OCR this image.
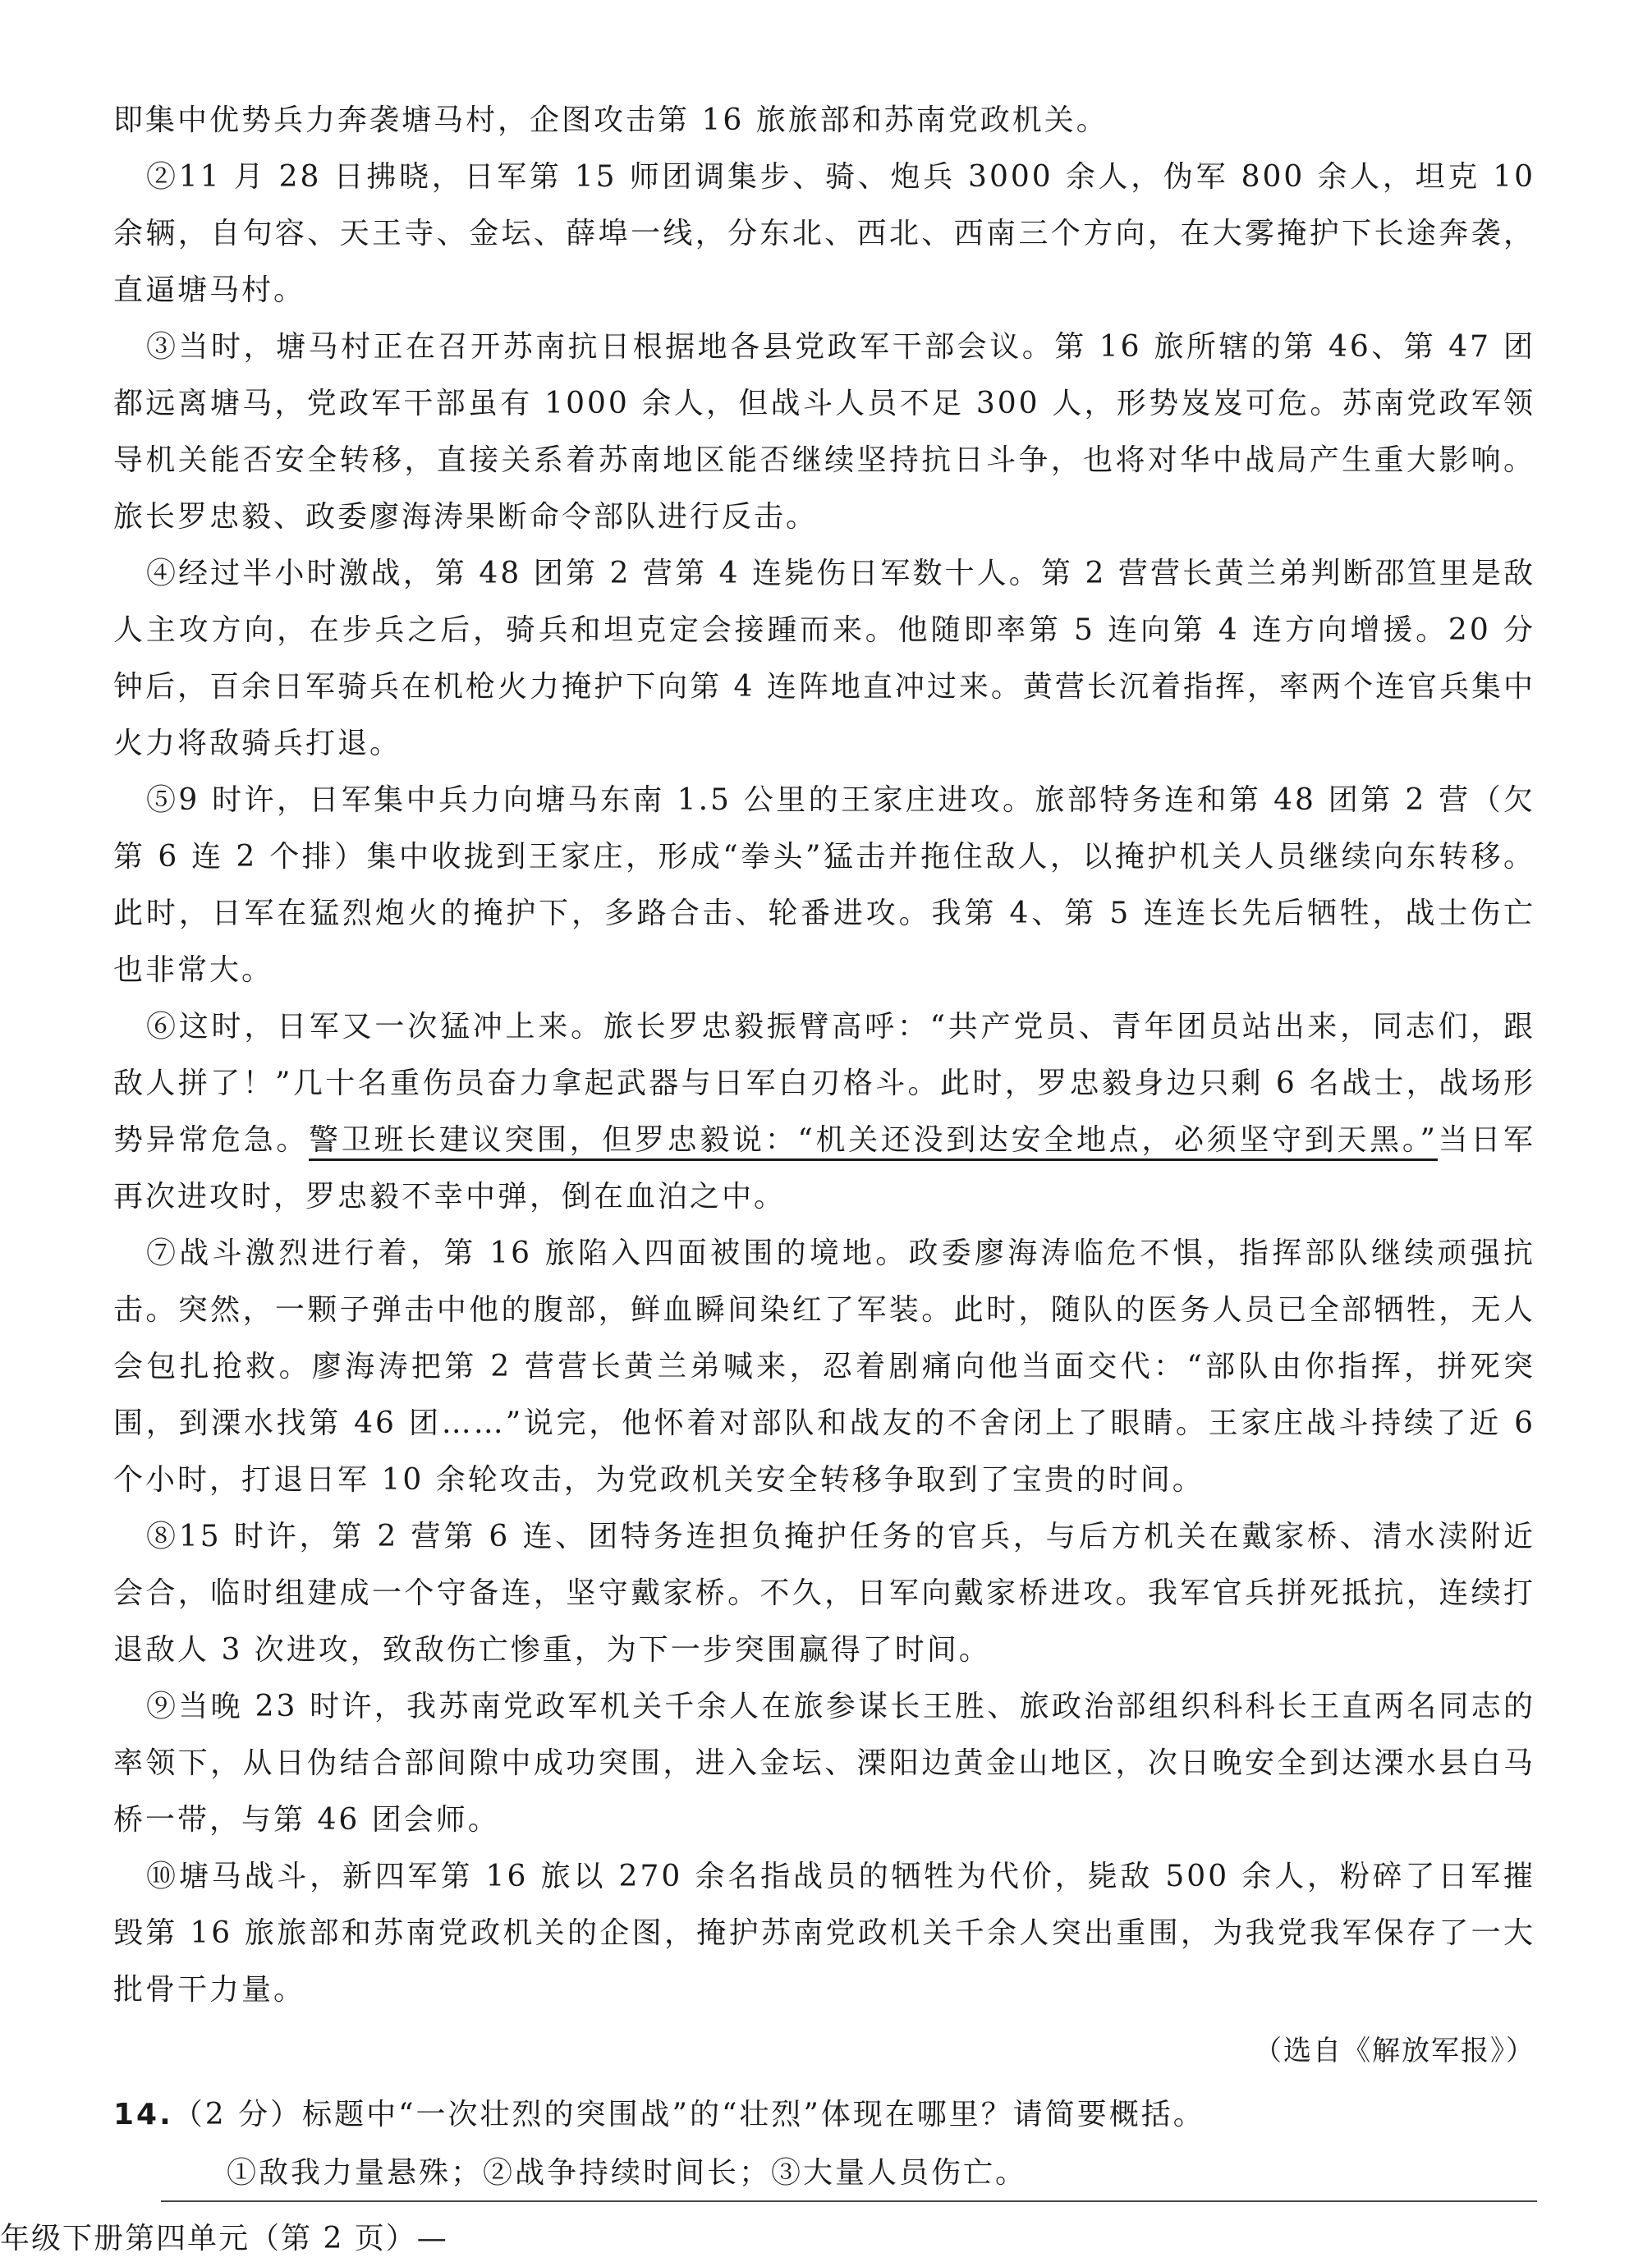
即集中优势兵力奔袭塘马村，企图攻击第 16 旅旅部和苏南党政机关。

②11 月 28 日拂晓，日军第 15 师团调集步、骑、炮兵 3000 余人，伪军 800 余人，坦克 10 余辆，自句容、天王寺、金坛、薛埠一线，分东北、西北、西南三个方向，在大雾掩护下长途奔袭，直逼塘马村。

③当时，塘马村正在召开苏南抗日根据地各县党政军干部会议。第 16 旅所辖的第 46、第 47 团都远离塘马，党政军干部虽有 1000 余人，但战斗人员不足 300 人，形势岌岌可危。苏南党政军领导机关能否安全转移，直接关系着苏南地区能否继续坚持抗日斗争，也将对华中战局产生重大影响。旅长罗忠毅、政委廖海涛果断命令部队进行反击。

④经过半小时激战，第 48 团第 2 营第 4 连毙伤日军数十人。第 2 营营长黄兰弟判断邵笪里是敌人主攻方向，在步兵之后，骑兵和坦克定会接踵而来。他随即率第 5 连向第 4 连方向增援。20 分钟后，百余日军骑兵在机枪火力掩护下向第 4 连阵地直冲过来。黄营长沉着指挥，率两个连官兵集中火力将敌骑兵打退。

⑤9 时许，日军集中兵力向塘马东南 1.5 公里的王家庄进攻。旅部特务连和第 48 团第 2 营（欠第 6 连 2 个排）集中收拢到王家庄，形成“拳头”猛击并拖住敌人，以掩护机关人员继续向东转移。此时，日军在猛烈炮火的掩护下，多路合击、轮番进攻。我第 4、第 5 连连长先后牺牲，战士伤亡也非常大。

⑥这时，日军又一次猛冲上来。旅长罗忠毅振臂高呼：“共产党员、青年团员站出来，同志们，跟敌人拼了！”几十名重伤员奋力拿起武器与日军白刃格斗。此时，罗忠毅身边只剩 6 名战士，战场形势异常危急。警卫班长建议突围，但罗忠毅说：“机关还没到达安全地点，必须坚守到天黑。”当日军再次进攻时，罗忠毅不幸中弹，倒在血泊之中。

⑦战斗激烈进行着，第 16 旅陷入四面被围的境地。政委廖海涛临危不惧，指挥部队继续顽强抗击。突然，一颗子弹击中他的腹部，鲜血瞬间染红了军装。此时，随队的医务人员已全部牺牲，无人会包扎抢救。廖海涛把第 2 营营长黄兰弟喊来，忍着剧痛向他当面交代：“部队由你指挥，拼死突围，到溧水找第 46 团……”说完，他怀着对部队和战友的不舍闭上了眼睛。王家庄战斗持续了近 6 个小时，打退日军 10 余轮攻击，为党政机关安全转移争取到了宝贵的时间。

⑧15 时许，第 2 营第 6 连、团特务连担负掩护任务的官兵，与后方机关在戴家桥、清水渎附近会合，临时组建成一个守备连，坚守戴家桥。不久，日军向戴家桥进攻。我军官兵拼死抵抗，连续打退敌人 3 次进攻，致敌伤亡惨重，为下一步突围赢得了时间。

⑨当晚 23 时许，我苏南党政军机关千余人在旅参谋长王胜、旅政治部组织科科长王直两名同志的率领下，从日伪结合部间隙中成功突围，进入金坛、溧阳边黄金山地区，次日晚安全到达溧水县白马桥一带，与第 46 团会师。

⑩塘马战斗，新四军第 16 旅以 270 余名指战员的牺牲为代价，毙敌 500 余人，粉碎了日军摧毁第 16 旅旅部和苏南党政机关的企图，掩护苏南党政机关千余人突出重围，为我党我军保存了一大批骨干力量。

（选自《解放军报》）
14.（2 分）标题中“一次壮烈的突围战”的“壮烈”体现在哪里？请简要概括。
①敌我力量悬殊；②战争持续时间长；③大量人员伤亡。
年级下册第四单元（第 2 页）—
